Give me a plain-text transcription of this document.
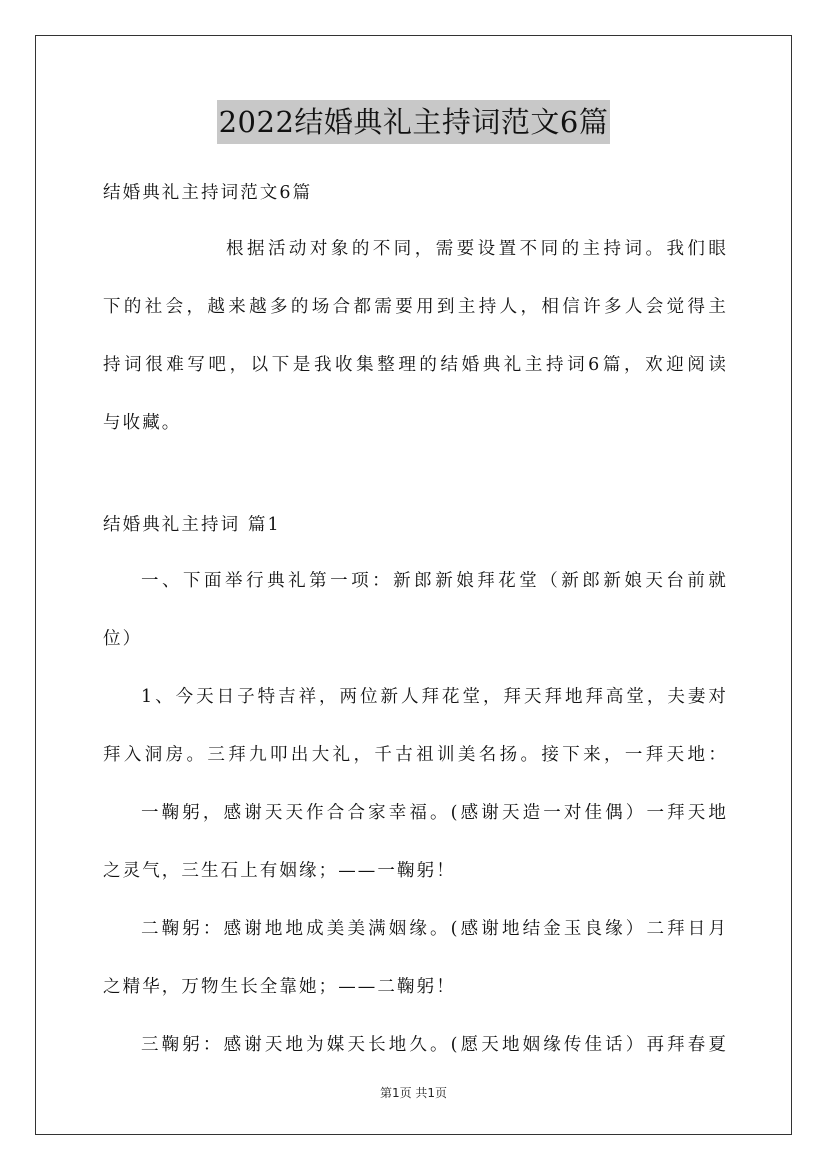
2022结婚典礼主持词范文6篇
结婚典礼主持词范文6篇
根据活动对象的不同，需要设置不同的主持词。我们眼
下的社会，越来越多的场合都需要用到主持人，相信许多人会觉得主
持词很难写吧，以下是我收集整理的结婚典礼主持词6篇，欢迎阅读
与收藏。
结婚典礼主持词 篇1
一、下面举行典礼第一项：新郎新娘拜花堂（新郎新娘天台前就
位）
1、今天日子特吉祥，两位新人拜花堂，拜天拜地拜高堂，夫妻对
拜入洞房。三拜九叩出大礼，千古祖训美名扬。接下来，一拜天地：
一鞠躬，感谢天天作合合家幸福。(感谢天造一对佳偶）一拜天地
之灵气，三生石上有姻缘；——一鞠躬！
二鞠躬：感谢地地成美美满姻缘。(感谢地结金玉良缘）二拜日月
之精华，万物生长全靠她；——二鞠躬！
三鞠躬：感谢天地为媒天长地久。(愿天地姻缘传佳话）再拜春夏
第1页 共1页
